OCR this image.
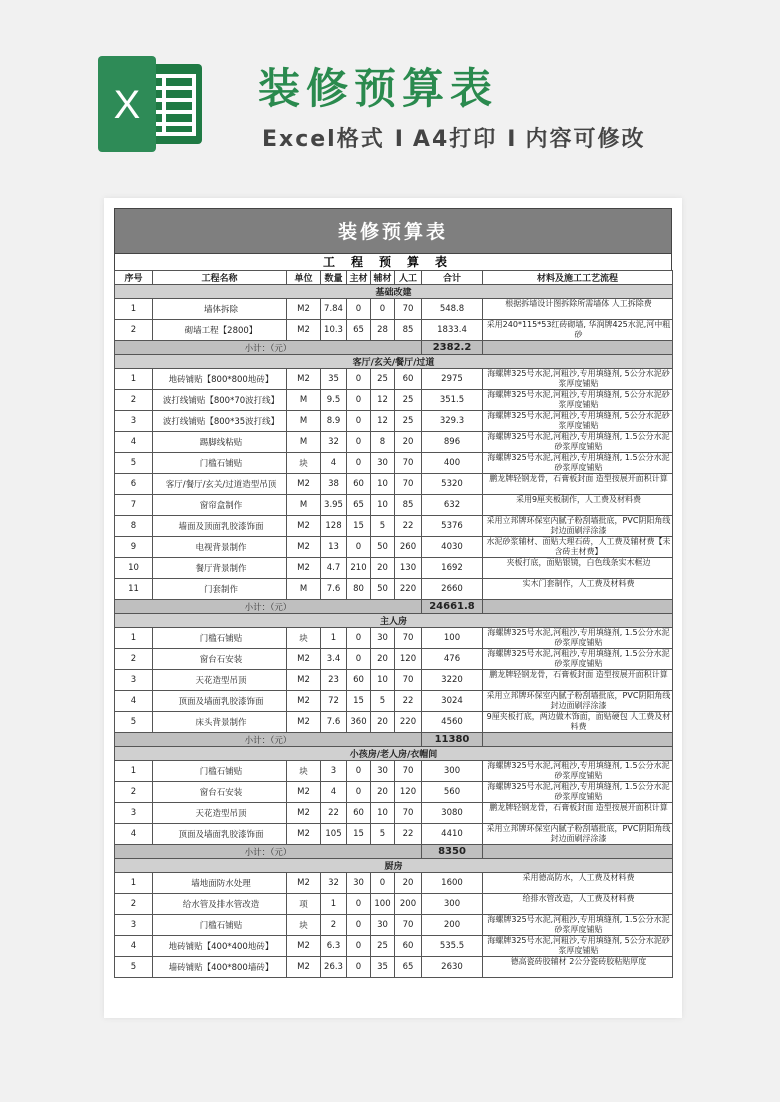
X	装修预算表
Excel格式 I A4打印 I 内容可修改
装修预算表
工程预算表
序号	工程名称	单位	数量	主材	辅材	人工	合计	材料及施工工艺流程
基础改建								
1	墙体拆除	M2	7.84	0	0	70	548.8	根据拆墙设计图拆除所需墙体 人工拆除费
2	砌墙工程【2800】	M2	10.3	65	28	85	1833.4	采用240*115*53红砖砌墙, 华润牌425水泥,河中粗砂
小计：（元）							2382.2	
客厅/玄关/餐厅/过道								
1	地砖铺贴【800*800地砖】	M2	35	0	25	60	2975	海螺牌325号水泥,河粗沙,专用填缝剂, 5公分水泥砂浆厚度铺贴
2	波打线铺贴【800*70波打线】	M	9.5	0	12	25	351.5	海螺牌325号水泥,河粗沙,专用填缝剂, 5公分水泥砂浆厚度铺贴
3	波打线铺贴【800*35波打线】	M	8.9	0	12	25	329.3	海螺牌325号水泥,河粗沙,专用填缝剂, 5公分水泥砂浆厚度铺贴
4	踢脚线粘贴	M	32	0	8	20	896	海螺牌325号水泥,河粗沙,专用填缝剂, 1.5公分水泥砂浆厚度铺贴
5	门槛石铺贴	块	4	0	30	70	400	海螺牌325号水泥,河粗沙,专用填缝剂, 1.5公分水泥砂浆厚度铺贴
6	客厅/餐厅/玄关/过道造型吊顶	M2	38	60	10	70	5320	鹏龙牌轻钢龙骨，石膏板封面 造型按展开面积计算
7	窗帘盒制作	M	3.95	65	10	85	632	采用9厘夹板制作，人工费及材料费
8	墙面及顶面乳胶漆饰面	M2	128	15	5	22	5376	采用立邦牌环保室内腻子粉刮墙批底，PVC阴阳角线封边面刷浮涂漆
9	电视背景制作	M2	13	0	50	260	4030	水泥砂浆辅材、面贴大理石砖，人工费及辅材费【未含砖主材费】
10	餐厅背景制作	M2	4.7	210	20	130	1692	夹板打底，面贴银镜，白色线条实木框边
11	门套制作	M	7.6	80	50	220	2660	实木门套制作，人工费及材料费
小计：（元）							24661.8	
主人房								
1	门槛石铺贴	块	1	0	30	70	100	海螺牌325号水泥,河粗沙,专用填缝剂, 1.5公分水泥砂浆厚度铺贴
2	窗台石安装	M2	3.4	0	20	120	476	海螺牌325号水泥,河粗沙,专用填缝剂, 1.5公分水泥砂浆厚度铺贴
3	天花造型吊顶	M2	23	60	10	70	3220	鹏龙牌轻钢龙骨，石膏板封面 造型按展开面积计算
4	顶面及墙面乳胶漆饰面	M2	72	15	5	22	3024	采用立邦牌环保室内腻子粉刮墙批底，PVC阴阳角线封边面刷浮涂漆
5	床头背景制作	M2	7.6	360	20	220	4560	9厘夹板打底，两边做木饰面，面贴硬包 人工费及材料费
小计：（元）							11380	
小孩房/老人房/衣帽间								
1	门槛石铺贴	块	3	0	30	70	300	海螺牌325号水泥,河粗沙,专用填缝剂, 1.5公分水泥砂浆厚度铺贴
2	窗台石安装	M2	4	0	20	120	560	海螺牌325号水泥,河粗沙,专用填缝剂, 1.5公分水泥砂浆厚度铺贴
3	天花造型吊顶	M2	22	60	10	70	3080	鹏龙牌轻钢龙骨，石膏板封面 造型按展开面积计算
4	顶面及墙面乳胶漆饰面	M2	105	15	5	22	4410	采用立邦牌环保室内腻子粉刮墙批底，PVC阴阳角线封边面刷浮涂漆
小计：（元）							8350	
厨房								
1	墙地面防水处理	M2	32	30	0	20	1600	采用德高防水，人工费及材料费
2	给水管及排水管改造	项	1	0	100	200	300	给排水管改造，人工费及材料费
3	门槛石铺贴	块	2	0	30	70	200	海螺牌325号水泥,河粗沙,专用填缝剂, 1.5公分水泥砂浆厚度铺贴
4	地砖铺贴【400*400地砖】	M2	6.3	0	25	60	535.5	海螺牌325号水泥,河粗沙,专用填缝剂, 5公分水泥砂浆厚度铺贴
5	墙砖铺贴【400*800墙砖】	M2	26.3	0	35	65	2630	德高瓷砖胶辅材 2公分瓷砖胶粘贴厚度
